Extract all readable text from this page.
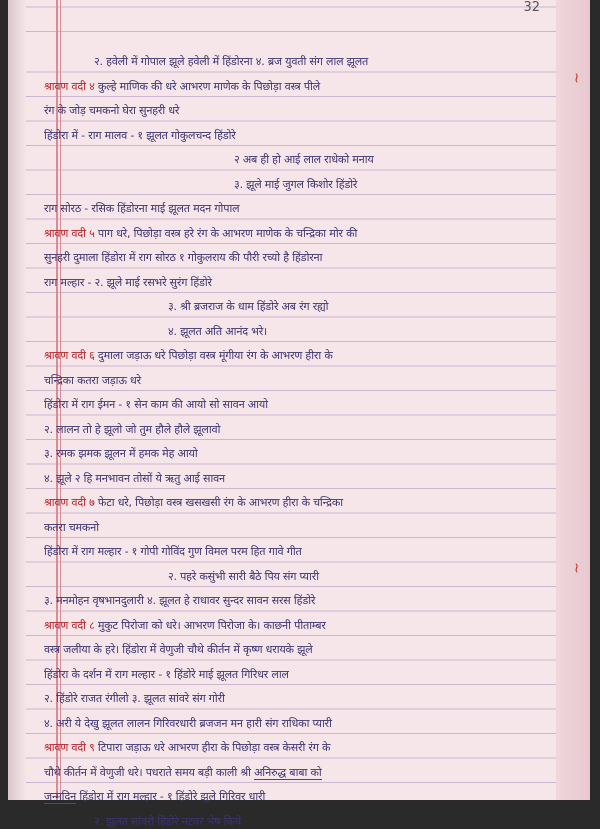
~
~
32
२. हवेली में गोपाल झूले हवेली में हिंडोरना ४. ब्रज युवती संग लाल झूलत
श्रावण वदी ४ कुल्हे माणिक की धरे आभरण माणेक के पिछोड़ा वस्त्र पीले
रंग के जोड़ चमकनो घेरा सुनहरी धरे
हिंडोरा में - राग मालव - १ झूलत गोकुलचन्द हिंडोरे
२ अब ही हो आई लाल राधेको मनाय
३. झूले माई जुगल किशोर हिंडोरे
राग सोरठ - रसिक हिंडोरना माई झूलत मदन गोपाल
श्रावण वदी ५ पाग धरे, पिछोड़ा वस्त्र हरे रंग के आभरण माणेक के चन्द्रिका मोर की
सुनहरी दुमाला हिंडोरा में राग सोरठ १ गोकुलराय की पौरी रच्यो है हिंडोरना
राग मल्हार - २. झूले माई रसभरे सुरंग हिंडोरे
३. श्री ब्रजराज के धाम हिंडोरे अब रंग रह्यो
४. झूलत अति आनंद भरे।
श्रावण वदी ६ दुमाला जड़ाऊ धरे पिछोड़ा वस्त्र मूंगीया रंग के आभरण हीरा के
चन्द्रिका कतरा जड़ाऊ धरे
हिंडोरा में राग ईमन - १ सेन काम की आयो सो सावन आयो
२. लालन तो हे झूलो जो तुम हौले हौले झूलावो
३. रमक झमक झूलन में हमक मेह आयो
४. झूले २ हि मनभावन तोसों ये ऋतु आई सावन
श्रावण वदी ७ फेटा धरे, पिछोड़ा वस्त्र खसखसी रंग के आभरण हीरा के चन्द्रिका
कतरा चमकनो
हिंडोरा में राग मल्हार - १ गोपी गोविंद गुण विमल परम हित गावे गीत
२. पहरे कसुंभी सारी बैठे पिय संग प्यारी
३. मनमोहन वृषभानदुलारी ४. झूलत हे राधावर सुन्दर सावन सरस हिंडोरे
श्रावण वदी ८ मुकुट पिरोजा को धरे। आभरण पिरोजा के। काछनी पीताम्बर
वस्त्र जलीया के हरे। हिंडोरा में वेणुजी चौथे कीर्तन में कृष्ण धरायके झूले
हिंडोरा के दर्शन में राग मल्हार - १ हिंडोरे माई झूलत गिरिधर लाल
२. हिंडोरे राजत रंगीलो ३. झूलत सांवरे संग गोरी
४. अरी ये देखु झूलत लालन गिरिवरधारी ब्रजजन मन हारी संग राधिका प्यारी
श्रावण वदी ९ टिपारा जड़ाऊ धरे आभरण हीरा के पिछोड़ा वस्त्र केसरी रंग के
चौथे कीर्तन में वेणुजी धरे। पधराते समय बड़ी काली श्री अनिरुद्ध बाबा को
जन्मदिन हिंडोरा में राग मल्हार - १ हिंडोरे झूले गिरिवर धारी
२. झूलत सांवरो हिंडोरे नटवर भेष किये
